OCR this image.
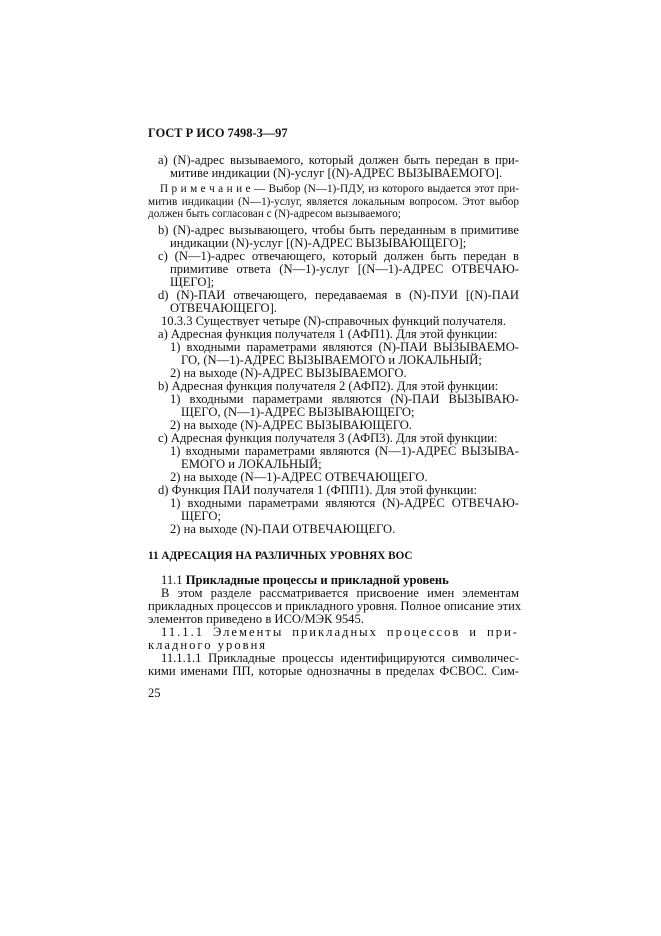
ГОСТ Р ИСО 7498-3—97
а) (N)-адрес вызываемого, который должен быть передан в при-
митиве индикации (N)-услуг [(N)-АДРЕС ВЫЗЫВАЕМОГО].
П р и м е ч а н и е — Выбор (N—1)-ПДУ, из которого выдается этот при-
митив индикации (N—1)-услуг, является локальным вопросом. Этот выбор
должен быть согласован с (N)-адресом вызываемого;
b) (N)-адрес вызывающего, чтобы быть переданным в примитиве
индикации (N)-услуг [(N)-АДРЕС ВЫЗЫВАЮЩЕГО];
c) (N—1)-адрес отвечающего, который должен быть передан в
примитиве ответа (N—1)-услуг [(N—1)-АДРЕС ОТВЕЧАЮ-
ЩЕГО];
d) (N)-ПАИ отвечающего, передаваемая в (N)-ПУИ [(N)-ПАИ
ОТВЕЧАЮЩЕГО].
10.3.3 Существует четыре (N)-справочных функций получателя.
а) Адресная функция получателя 1 (АФП1). Для этой функции:
1) входными параметрами являются (N)-ПАИ ВЫЗЫВАЕМО-
ГО, (N—1)-АДРЕС ВЫЗЫВАЕМОГО и ЛОКАЛЬНЫЙ;
2) на выходе (N)-АДРЕС ВЫЗЫВАЕМОГО.
b) Адресная функция получателя 2 (АФП2). Для этой функции:
1) входными параметрами являются (N)-ПАИ ВЫЗЫВАЮ-
ЩЕГО, (N—1)-АДРЕС ВЫЗЫВАЮЩЕГО;
2) на выходе (N)-АДРЕС ВЫЗЫВАЮЩЕГО.
c) Адресная функция получателя 3 (АФП3). Для этой функции:
1) входными параметрами являются (N—1)-АДРЕС ВЫЗЫВА-
ЕМОГО и ЛОКАЛЬНЫЙ;
2) на выходе (N—1)-АДРЕС ОТВЕЧАЮЩЕГО.
d) Функция ПАИ получателя 1 (ФПП1). Для этой функции:
1) входными параметрами являются (N)-АДРЕС ОТВЕЧАЮ-
ЩЕГО;
2) на выходе (N)-ПАИ ОТВЕЧАЮЩЕГО.
11 АДРЕСАЦИЯ НА РАЗЛИЧНЫХ УРОВНЯХ ВОС
11.1 Прикладные процессы и прикладной уровень
В этом разделе рассматривается присвоение имен элементам
прикладных процессов и прикладного уровня. Полное описание этих
элементов приведено в ИСО/МЭК 9545.
11.1.1 Элементы прикладных процессов и при-
кладного уровня
11.1.1.1 Прикладные процессы идентифицируются символичес-
кими именами ПП, которые однозначны в пределах ФСВОС. Сим-
25
